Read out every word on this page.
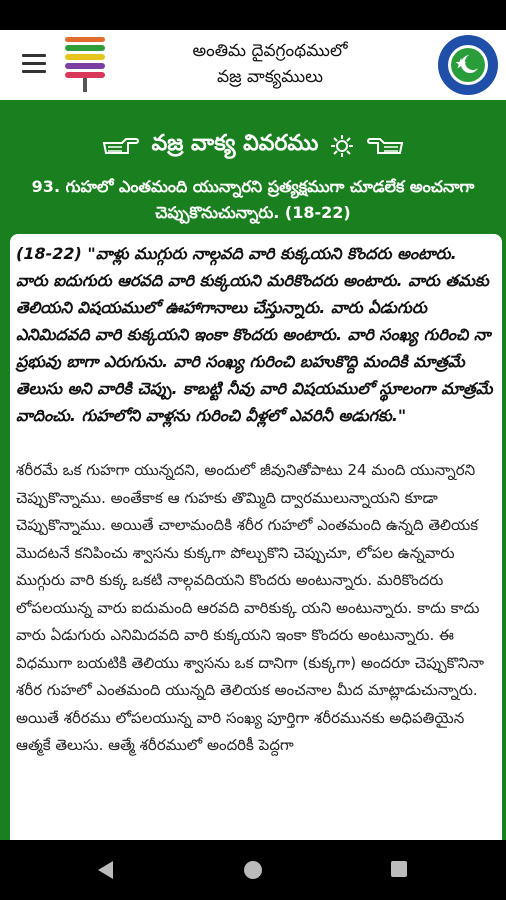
అంతిమ దైవగ్రంథములో
వజ్ర వాక్యములు
వజ్ర వాక్య వివరము
93. గుహలో ఎంతమంది యున్నారని ప్రత్యక్షముగా చూడలేక అంచనాగా చెప్పుకొనుచున్నారు. (18-22)
(18-22) "వాళ్లు ముగ్గురు నాల్గవది వారి కుక్కయని కొందరు అంటారు. వారు ఐదుగురు ఆరవది వారి కుక్కయని మరికొందరు అంటారు. వారు తమకు తెలియని విషయములో ఊహాగానాలు చేస్తున్నారు. వారు ఏడుగురు ఎనిమిదవది వారి కుక్కయని ఇంకా కొందరు అంటారు. వారి సంఖ్య గురించి నా ప్రభువు బాగా ఎరుగును. వారి సంఖ్య గురించి బహుకొద్ది మందికి మాత్రమే తెలుసు అని వారికి చెప్పు. కాబట్టి నీవు వారి విషయములో స్థూలంగా మాత్రమే వాదించు. గుహలోని వాళ్లను గురించి వీళ్లలో ఎవరినీ అడుగకు."
శరీరమే ఒక గుహగా యున్నదని, అందులో జీవునితోపాటు 24 మంది యున్నారని చెప్పుకొన్నాము. అంతేకాక ఆ గుహకు తొమ్మిది ద్వారములున్నాయని కూడా చెప్పుకొన్నాము. అయితే చాలామందికి శరీర గుహలో ఎంతమంది ఉన్నది తెలియక మొదటనే కనిపించు శ్వాసను కుక్కగా పోల్చుకొని చెప్పుచూ, లోపల ఉన్నవారు ముగ్గురు వారి కుక్క ఒకటి నాల్గవదియని కొందరు అంటున్నారు. మరికొందరు లోపలయున్న వారు ఐదుమంది ఆరవది వారికుక్క యని అంటున్నారు. కాదు కాదు వారు ఏడుగురు ఎనిమిదవది వారి కుక్కయని ఇంకా కొందరు అంటున్నారు. ఈ విధముగా బయటికి తెలియు శ్వాసను ఒక దానిగా (కుక్కగా) అందరూ చెప్పుకొనినా శరీర గుహలో ఎంతమంది యున్నది తెలియక అంచనాల మీద మాట్లాడుచున్నారు. అయితే శరీరము లోపలయున్న వారి సంఖ్య పూర్తిగా శరీరమునకు అధిపతియైన ఆత్మకే తెలుసు. ఆత్మే శరీరములో అందరికీ పెద్దగా
